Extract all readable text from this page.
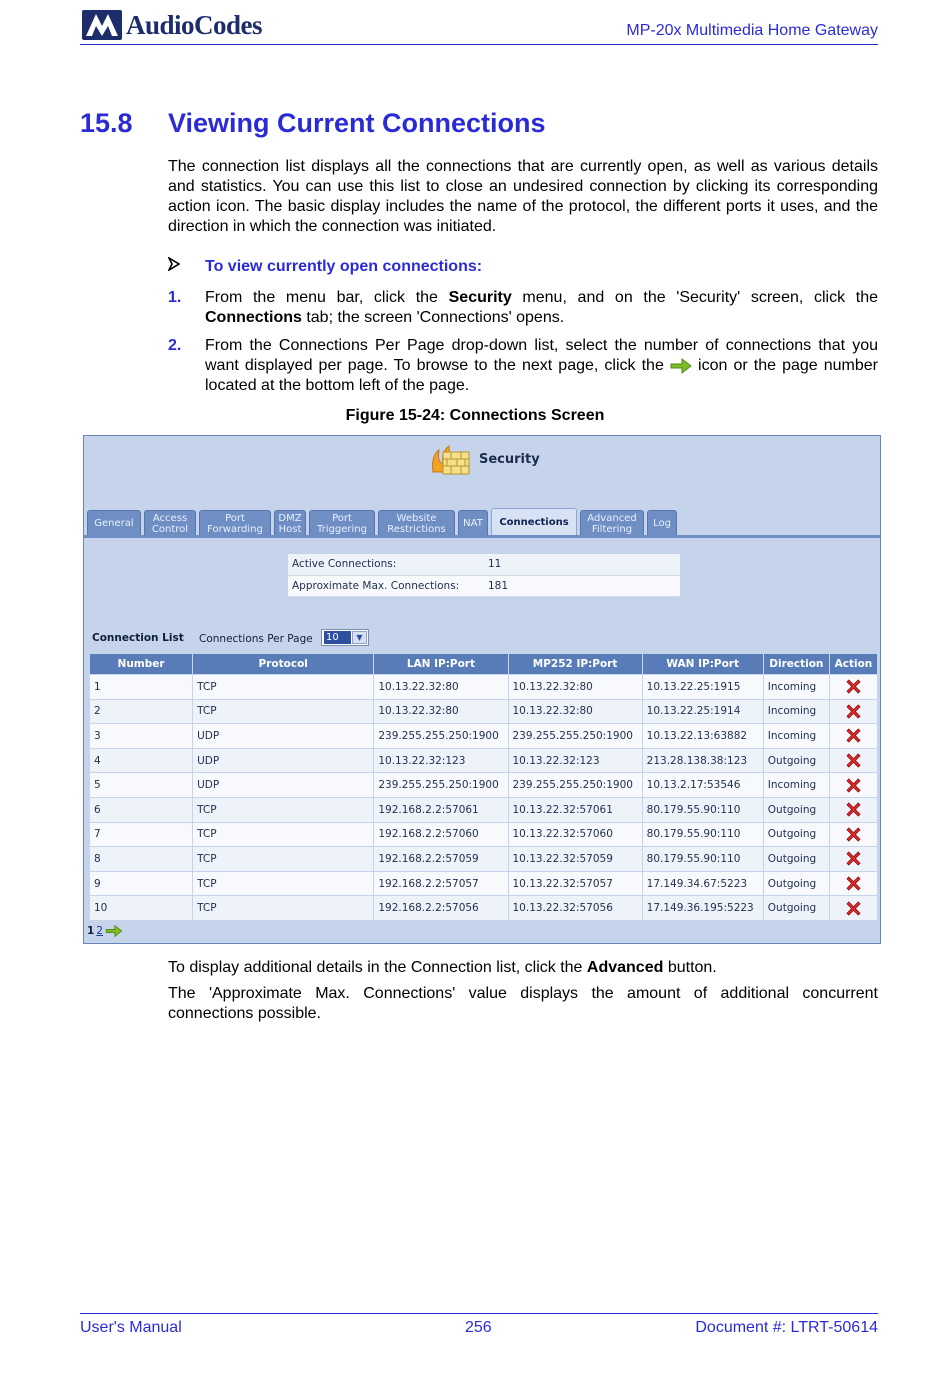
AudioCodes	MP-20x Multimedia Home Gateway
15.8	Viewing Current Connections

The connection list displays all the connections that are currently open, as well as various details and statistics. You can use this list to close an undesired connection by clicking its corresponding action icon. The basic display includes the name of the protocol, the different ports it uses, and the direction in which the connection was initiated.

To view currently open connections:
1.	From the menu bar, click the Security menu, and on the 'Security' screen, click the Connections tab; the screen 'Connections' opens.
2.	From the Connections Per Page drop-down list, select the number of connections that you want displayed per page. To browse to the next page, click the  icon or the page number located at the bottom left of the page.
Figure 15-24: Connections Screen
Security
General Access
Control
Port
Forwarding
DMZ
Host
Port
Triggering
Website
Restrictions NAT Connections Advanced
Filtering	Log
Active Connections:	11
Approximate Max. Connections:	181
Connection List Connections Per Page 10	▼
Number	Protocol	LAN IP:Port	MP252 IP:Port	WAN IP:Port	Direction	Action
1	TCP	10.13.22.32:80	10.13.22.32:80	10.13.22.25:1915	Incoming	
2	TCP	10.13.22.32:80	10.13.22.32:80	10.13.22.25:1914	Incoming	
3	UDP	239.255.255.250:1900	239.255.255.250:1900	10.13.22.13:63882	Incoming	
4	UDP	10.13.22.32:123	10.13.22.32:123	213.28.138.38:123	Outgoing	
5	UDP	239.255.255.250:1900	239.255.255.250:1900	10.13.2.17:53546	Incoming	
6	TCP	192.168.2.2:57061	10.13.22.32:57061	80.179.55.90:110	Outgoing	
7	TCP	192.168.2.2:57060	10.13.22.32:57060	80.179.55.90:110	Outgoing	
8	TCP	192.168.2.2:57059	10.13.22.32:57059	80.179.55.90:110	Outgoing	
9	TCP	192.168.2.2:57057	10.13.22.32:57057	17.149.34.67:5223	Outgoing	
10	TCP	192.168.2.2:57056	10.13.22.32:57056	17.149.36.195:5223	Outgoing	
1 2

To display additional details in the Connection list, click the Advanced button.

The 'Approximate Max. Connections' value displays the amount of additional concurrent connections possible.

User's Manual	256	Document #: LTRT-50614
